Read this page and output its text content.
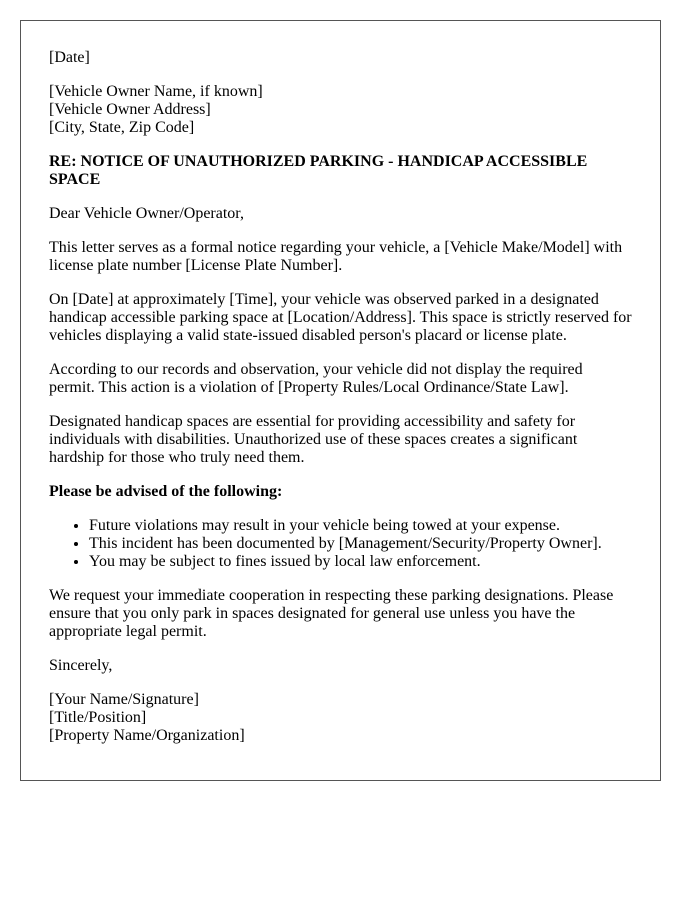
[Date]

[Vehicle Owner Name, if known]
[Vehicle Owner Address]
[City, State, Zip Code]

RE: NOTICE OF UNAUTHORIZED PARKING - HANDICAP ACCESSIBLE SPACE

Dear Vehicle Owner/Operator,

This letter serves as a formal notice regarding your vehicle, a [Vehicle Make/Model] with license plate number [License Plate Number].

On [Date] at approximately [Time], your vehicle was observed parked in a designated handicap accessible parking space at [Location/Address]. This space is strictly reserved for vehicles displaying a valid state-issued disabled person's placard or license plate.

According to our records and observation, your vehicle did not display the required permit. This action is a violation of [Property Rules/Local Ordinance/State Law].

Designated handicap spaces are essential for providing accessibility and safety for individuals with disabilities. Unauthorized use of these spaces creates a significant hardship for those who truly need them.

Please be advised of the following:

• Future violations may result in your vehicle being towed at your expense.
• This incident has been documented by [Management/Security/Property Owner].
• You may be subject to fines issued by local law enforcement.

We request your immediate cooperation in respecting these parking designations. Please ensure that you only park in spaces designated for general use unless you have the appropriate legal permit.

Sincerely,

[Your Name/Signature]
[Title/Position]
[Property Name/Organization]
